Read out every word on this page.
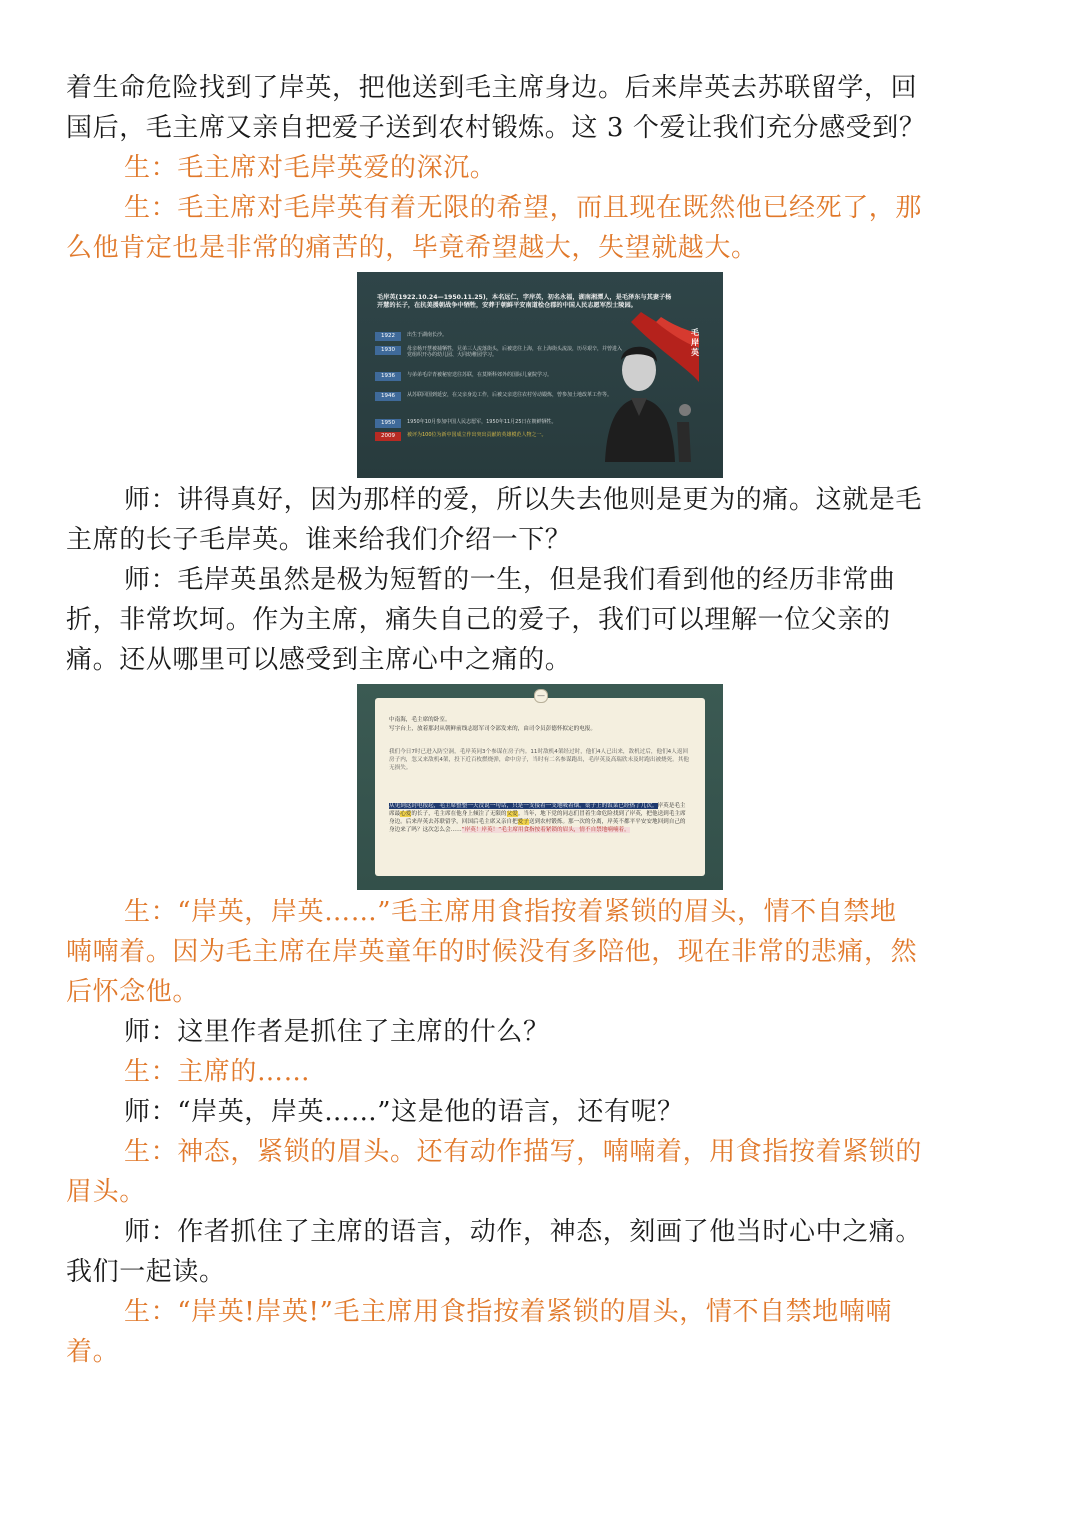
着生命危险找到了岸英，把他送到毛主席身边。后来岸英去苏联留学，回
国后，毛主席又亲自把爱子送到农村锻炼。这 3 个爱让我们充分感受到？
生：毛主席对毛岸英爱的深沉。
生：毛主席对毛岸英有着无限的希望，而且现在既然他已经死了，那
么他肯定也是非常的痛苦的，毕竟希望越大，失望就越大。
毛岸英(1922.10.24—1950.11.25)，本名远仁，字岸英，初名永福，湖南湘潭人，是毛泽东与其妻子杨开慧的长子，在抗美援朝战争中牺牲，安葬于朝鲜平安南道桧仓郡的中国人民志愿军烈士陵园。
1922	出生于湖南长沙。
1930	母亲杨开慧被捕牺牲，兄弟三人流落街头，后被送往上海，在上海街头流浪，历尽艰辛，并曾进入党组织开办的幼儿园、大同幼稚园学习。
1936	与弟弟毛岸青被秘密送往苏联，在莫斯科郊外的国际儿童院学习。
1946	从苏联回国到延安，在父亲身边工作，后被父亲送往农村劳动锻炼，曾参加土地改革工作等。
1950	1950年10月参加中国人民志愿军，1950年11月25日在朝鲜牺牲。
2009	被评为100位为新中国成立作出突出贡献的英雄模范人物之一。
毛岸英
师：讲得真好，因为那样的爱，所以失去他则是更为的痛。这就是毛
主席的长子毛岸英。谁来给我们介绍一下？
师：毛岸英虽然是极为短暂的一生，但是我们看到他的经历非常曲
折，非常坎坷。作为主席，痛失自己的爱子，我们可以理解一位父亲的
痛。还从哪里可以感受到主席心中之痛的。
中南海，毛主席的卧室。
写字台上，放着那封从朝鲜前线志愿军司令部发来的，由司令员彭德怀拟定的电报。
我们今日7时已进入防空洞，毛岸英同3个参谋在房子内。11时敌机4架经过时，他们4人已出来，敌机过后，他们4人返回房子内，忽又来敌机4架，投下近百枚燃烧弹，命中房子，当时有二名参谋跑出，毛岸英及高瑞欣未及时跑出被烧死。其他无损失。
从见到这封电报起，毛主席整整一天没说一句话，只是一支接着一支地吸着烟。桌子上的饭菜已经热了几次。岸英是毛主席最心爱的长子，毛主席在他身上倾注了无限的父爱。当年，地下党的同志们冒着生命危险找到了岸英，把他送到毛主席身边。后来岸英去苏联留学，回国后毛主席又亲自把爱子送到农村锻炼。那一次的分离，岸英不都平平安安地回到自己的身边来了吗？这次怎么会……“岸英！岸英！”毛主席用食指按着紧锁的眉头，情不自禁地喃喃着。
—
生：“岸英，岸英……”毛主席用食指按着紧锁的眉头，情不自禁地
喃喃着。因为毛主席在岸英童年的时候没有多陪他，现在非常的悲痛，然
后怀念他。
师：这里作者是抓住了主席的什么？
生：主席的……
师：“岸英，岸英……”这是他的语言，还有呢？
生：神态，紧锁的眉头。还有动作描写，喃喃着，用食指按着紧锁的
眉头。
师：作者抓住了主席的语言，动作，神态，刻画了他当时心中之痛。
我们一起读。
生：“岸英!岸英!”毛主席用食指按着紧锁的眉头，情不自禁地喃喃
着。
